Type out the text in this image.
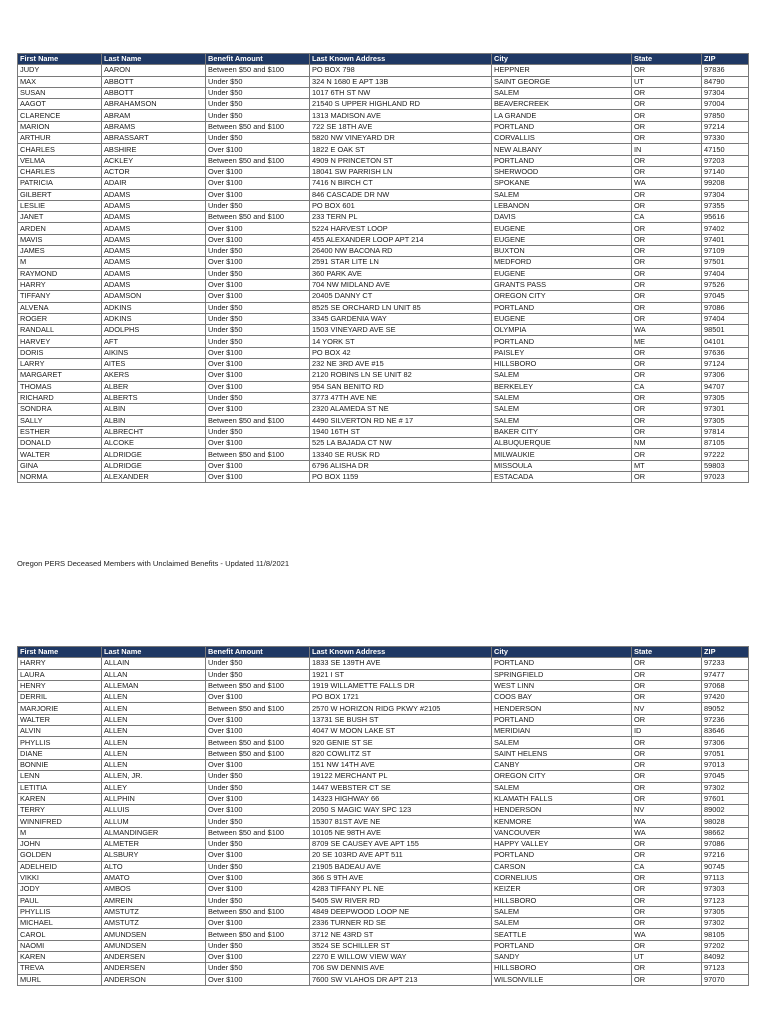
First Name	Last Name	Benefit Amount	Last Known Address	City	State	ZIP
JUDY	AARON	Between $50 and $100	PO BOX 798	HEPPNER	OR	97836
MAX	ABBOTT	Under $50	324 N 1680 E APT 13B	SAINT GEORGE	UT	84790
SUSAN	ABBOTT	Under $50	1017 6TH ST NW	SALEM	OR	97304
AAGOT	ABRAHAMSON	Under $50	21540 S UPPER HIGHLAND RD	BEAVERCREEK	OR	97004
CLARENCE	ABRAM	Under $50	1313 MADISON AVE	LA GRANDE	OR	97850
MARION	ABRAMS	Between $50 and $100	722 SE 18TH AVE	PORTLAND	OR	97214
ARTHUR	ABRASSART	Under $50	5820 NW VINEYARD DR	CORVALLIS	OR	97330
CHARLES	ABSHIRE	Over $100	1822 E OAK ST	NEW ALBANY	IN	47150
VELMA	ACKLEY	Between $50 and $100	4909 N PRINCETON ST	PORTLAND	OR	97203
CHARLES	ACTOR	Over $100	18041 SW PARRISH LN	SHERWOOD	OR	97140
PATRICIA	ADAIR	Over $100	7416 N BIRCH CT	SPOKANE	WA	99208
GILBERT	ADAMS	Over $100	846 CASCADE DR NW	SALEM	OR	97304
LESLIE	ADAMS	Under $50	PO BOX 601	LEBANON	OR	97355
JANET	ADAMS	Between $50 and $100	233 TERN PL	DAVIS	CA	95616
ARDEN	ADAMS	Over $100	5224 HARVEST LOOP	EUGENE	OR	97402
MAVIS	ADAMS	Over $100	455 ALEXANDER LOOP APT 214	EUGENE	OR	97401
JAMES	ADAMS	Under $50	26400 NW BACONA RD	BUXTON	OR	97109
M	ADAMS	Over $100	2591 STAR LITE LN	MEDFORD	OR	97501
RAYMOND	ADAMS	Under $50	360 PARK AVE	EUGENE	OR	97404
HARRY	ADAMS	Over $100	704 NW MIDLAND AVE	GRANTS PASS	OR	97526
TIFFANY	ADAMSON	Over $100	20405 DANNY CT	OREGON CITY	OR	97045
ALVENA	ADKINS	Under $50	8525 SE ORCHARD LN UNIT 85	PORTLAND	OR	97086
ROGER	ADKINS	Under $50	3345 GARDENIA WAY	EUGENE	OR	97404
RANDALL	ADOLPHS	Under $50	1503 VINEYARD AVE SE	OLYMPIA	WA	98501
HARVEY	AFT	Under $50	14 YORK ST	PORTLAND	ME	04101
DORIS	AIKINS	Over $100	PO BOX 42	PAISLEY	OR	97636
LARRY	AITES	Over $100	232 NE 3RD AVE #15	HILLSBORO	OR	97124
MARGARET	AKERS	Over $100	2120 ROBINS LN SE UNIT 82	SALEM	OR	97306
THOMAS	ALBER	Over $100	954 SAN BENITO RD	BERKELEY	CA	94707
RICHARD	ALBERTS	Under $50	3773 47TH AVE NE	SALEM	OR	97305
SONDRA	ALBIN	Over $100	2320 ALAMEDA ST NE	SALEM	OR	97301
SALLY	ALBIN	Between $50 and $100	4490 SILVERTON RD NE # 17	SALEM	OR	97305
ESTHER	ALBRECHT	Under $50	1940 16TH ST	BAKER CITY	OR	97814
DONALD	ALCOKE	Over $100	525 LA BAJADA CT NW	ALBUQUERQUE	NM	87105
WALTER	ALDRIDGE	Between $50 and $100	13340 SE RUSK RD	MILWAUKIE	OR	97222
GINA	ALDRIDGE	Over $100	6796 ALISHA DR	MISSOULA	MT	59803
NORMA	ALEXANDER	Over $100	PO BOX 1159	ESTACADA	OR	97023
Oregon PERS Deceased Members with Unclaimed Benefits - Updated 11/8/2021
First Name	Last Name	Benefit Amount	Last Known Address	City	State	ZIP
HARRY	ALLAIN	Under $50	1833 SE 139TH AVE	PORTLAND	OR	97233
LAURA	ALLAN	Under $50	1921 I ST	SPRINGFIELD	OR	97477
HENRY	ALLEMAN	Between $50 and $100	1919 WILLAMETTE FALLS DR	WEST LINN	OR	97068
DERRIL	ALLEN	Over $100	PO BOX 1721	COOS BAY	OR	97420
MARJORIE	ALLEN	Between $50 and $100	2570 W HORIZON RIDG PKWY #2105	HENDERSON	NV	89052
WALTER	ALLEN	Over $100	13731 SE BUSH ST	PORTLAND	OR	97236
ALVIN	ALLEN	Over $100	4047 W MOON LAKE ST	MERIDIAN	ID	83646
PHYLLIS	ALLEN	Between $50 and $100	920 GENIE ST SE	SALEM	OR	97306
DIANE	ALLEN	Between $50 and $100	820 COWLITZ ST	SAINT HELENS	OR	97051
BONNIE	ALLEN	Over $100	151 NW 14TH AVE	CANBY	OR	97013
LENN	ALLEN, JR.	Under $50	19122 MERCHANT PL	OREGON CITY	OR	97045
LETITIA	ALLEY	Under $50	1447 WEBSTER CT SE	SALEM	OR	97302
KAREN	ALLPHIN	Over $100	14323 HIGHWAY 66	KLAMATH FALLS	OR	97601
TERRY	ALLUIS	Over $100	2050 S MAGIC WAY SPC 123	HENDERSON	NV	89002
WINNIFRED	ALLUM	Under $50	15307 81ST AVE NE	KENMORE	WA	98028
M	ALMANDINGER	Between $50 and $100	10105 NE 98TH AVE	VANCOUVER	WA	98662
JOHN	ALMETER	Under $50	8709 SE CAUSEY AVE APT 155	HAPPY VALLEY	OR	97086
GOLDEN	ALSBURY	Over $100	20 SE 103RD AVE APT 511	PORTLAND	OR	97216
ADELHEID	ALTO	Under $50	21905 BADEAU AVE	CARSON	CA	90745
VIKKI	AMATO	Over $100	366 S 9TH AVE	CORNELIUS	OR	97113
JODY	AMBOS	Over $100	4283 TIFFANY PL NE	KEIZER	OR	97303
PAUL	AMREIN	Under $50	5405 SW RIVER RD	HILLSBORO	OR	97123
PHYLLIS	AMSTUTZ	Between $50 and $100	4849 DEEPWOOD LOOP NE	SALEM	OR	97305
MICHAEL	AMSTUTZ	Over $100	2336 TURNER RD SE	SALEM	OR	97302
CAROL	AMUNDSEN	Between $50 and $100	3712 NE 43RD ST	SEATTLE	WA	98105
NAOMI	AMUNDSEN	Under $50	3524 SE SCHILLER ST	PORTLAND	OR	97202
KAREN	ANDERSEN	Over $100	2270 E WILLOW VIEW WAY	SANDY	UT	84092
TREVA	ANDERSEN	Under $50	706 SW DENNIS AVE	HILLSBORO	OR	97123
MURL	ANDERSON	Over $100	7600 SW VLAHOS DR APT 213	WILSONVILLE	OR	97070
